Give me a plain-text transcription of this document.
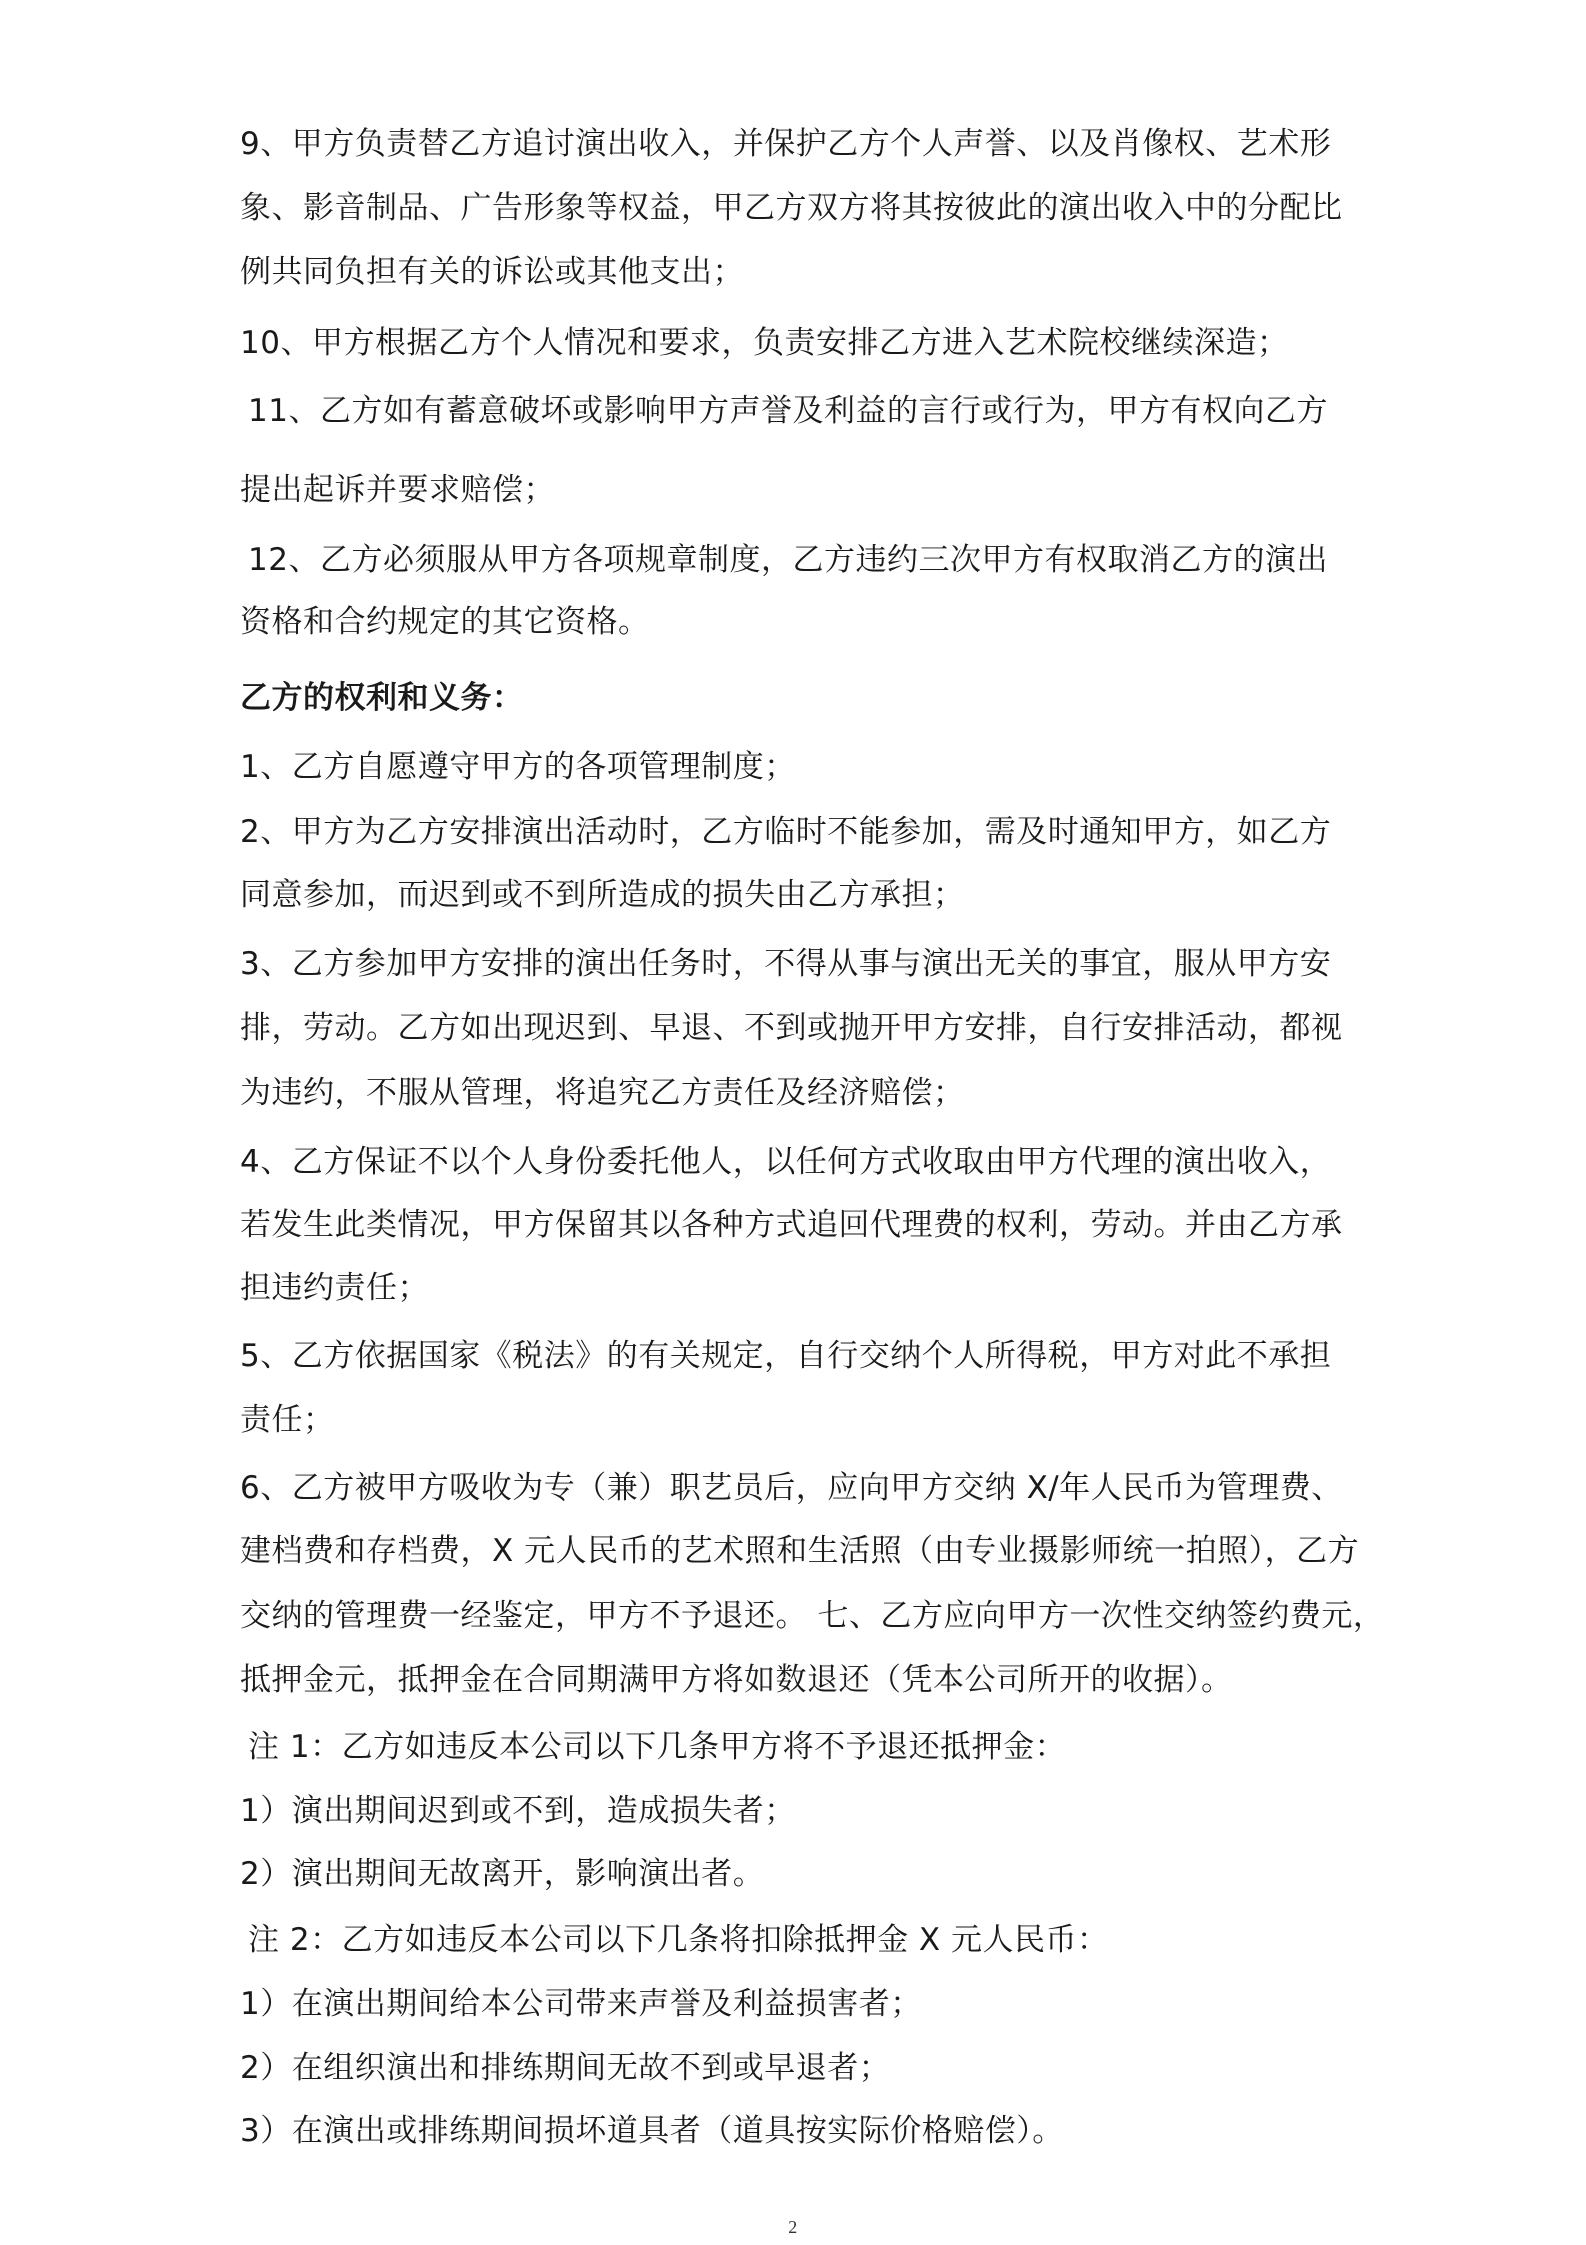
9、甲方负责替乙方追讨演出收入，并保护乙方个人声誉、以及肖像权、艺术形
象、影音制品、广告形象等权益，甲乙方双方将其按彼此的演出收入中的分配比
例共同负担有关的诉讼或其他支出；
10、甲方根据乙方个人情况和要求，负责安排乙方进入艺术院校继续深造；
11、乙方如有蓄意破坏或影响甲方声誉及利益的言行或行为，甲方有权向乙方
提出起诉并要求赔偿；
12、乙方必须服从甲方各项规章制度，乙方违约三次甲方有权取消乙方的演出
资格和合约规定的其它资格。
乙方的权利和义务：
1、乙方自愿遵守甲方的各项管理制度；
2、甲方为乙方安排演出活动时，乙方临时不能参加，需及时通知甲方，如乙方
同意参加，而迟到或不到所造成的损失由乙方承担；
3、乙方参加甲方安排的演出任务时，不得从事与演出无关的事宜，服从甲方安
排，劳动。乙方如出现迟到、早退、不到或抛开甲方安排，自行安排活动，都视
为违约，不服从管理，将追究乙方责任及经济赔偿；
4、乙方保证不以个人身份委托他人，以任何方式收取由甲方代理的演出收入，
若发生此类情况，甲方保留其以各种方式追回代理费的权利，劳动。并由乙方承
担违约责任；
5、乙方依据国家《税法》的有关规定，自行交纳个人所得税，甲方对此不承担
责任；
6、乙方被甲方吸收为专（兼）职艺员后，应向甲方交纳 X/年人民币为管理费、
建档费和存档费，X 元人民币的艺术照和生活照（由专业摄影师统一拍照），乙方
交纳的管理费一经鉴定，甲方不予退还。 七、乙方应向甲方一次性交纳签约费元，
抵押金元，抵押金在合同期满甲方将如数退还（凭本公司所开的收据）。
注 1：乙方如违反本公司以下几条甲方将不予退还抵押金：
1）演出期间迟到或不到，造成损失者；
2）演出期间无故离开，影响演出者。
注 2：乙方如违反本公司以下几条将扣除抵押金 X 元人民币：
1）在演出期间给本公司带来声誉及利益损害者；
2）在组织演出和排练期间无故不到或早退者；
3）在演出或排练期间损坏道具者（道具按实际价格赔偿）。
2
